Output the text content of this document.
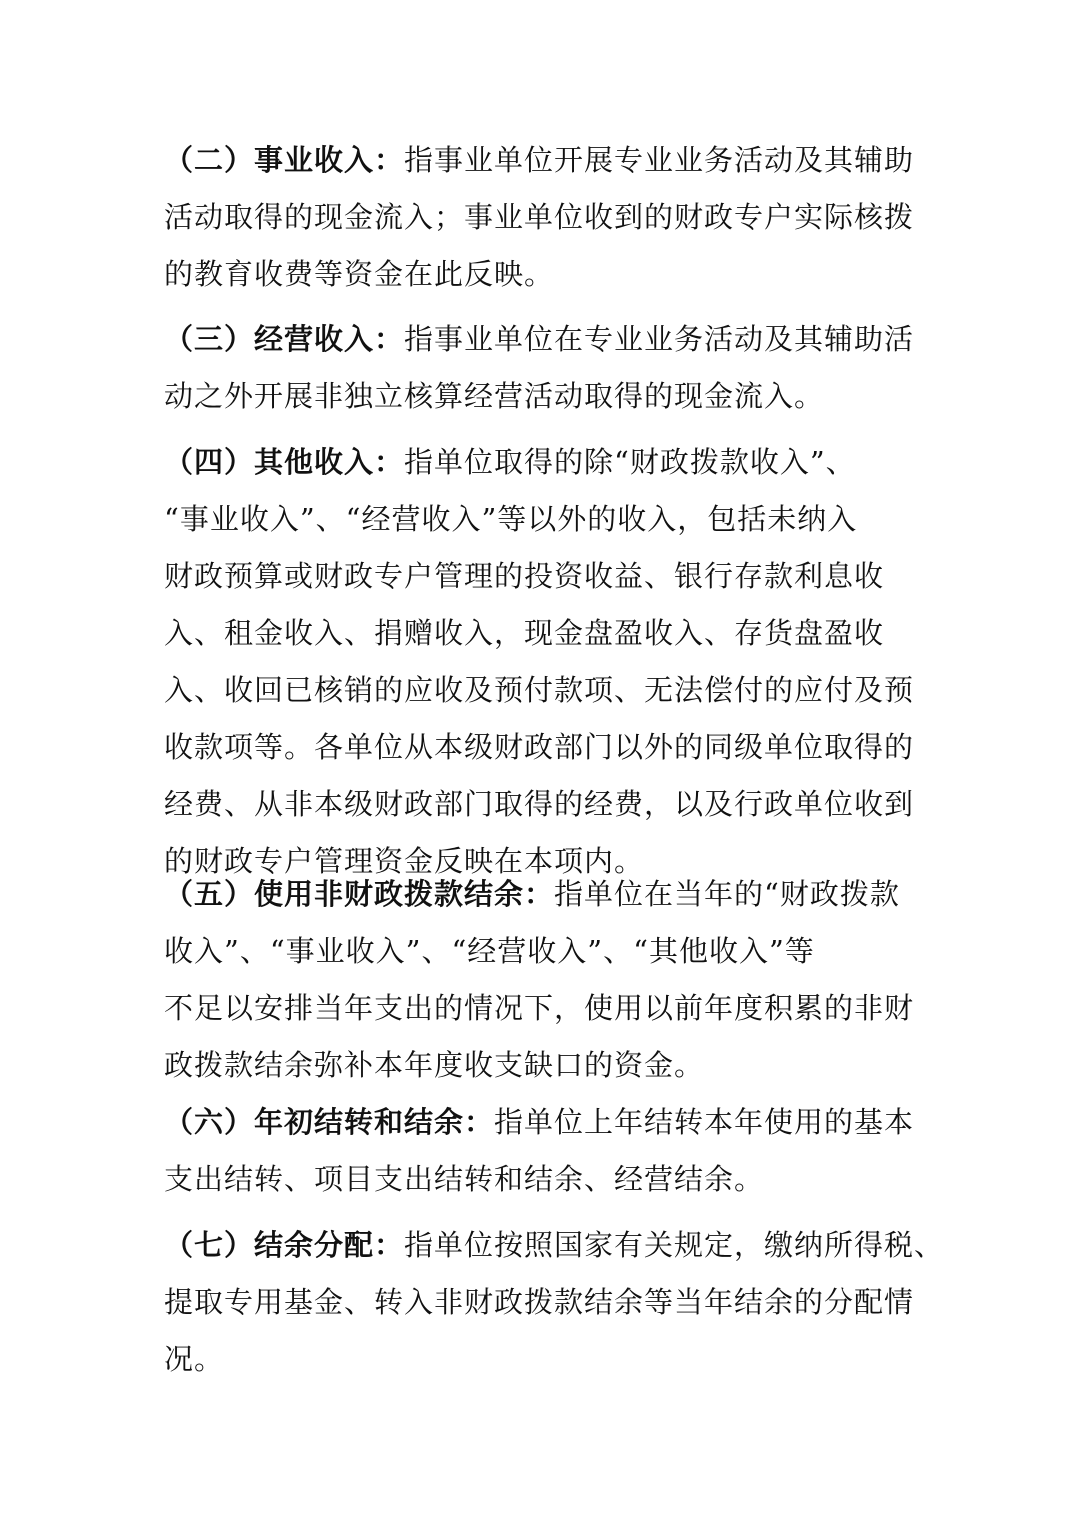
（二）事业收入：指事业单位开展专业业务活动及其辅助
活动取得的现金流入；事业单位收到的财政专户实际核拨
的教育收费等资金在此反映。
（三）经营收入：指事业单位在专业业务活动及其辅助活
动之外开展非独立核算经营活动取得的现金流入。
（四）其他收入：指单位取得的除“财政拨款收入”、
“事业收入”、“经营收入”等以外的收入，包括未纳入
财政预算或财政专户管理的投资收益、银行存款利息收
入、租金收入、捐赠收入，现金盘盈收入、存货盘盈收
入、收回已核销的应收及预付款项、无法偿付的应付及预
收款项等。各单位从本级财政部门以外的同级单位取得的
经费、从非本级财政部门取得的经费，以及行政单位收到
的财政专户管理资金反映在本项内。
（五）使用非财政拨款结余：指单位在当年的“财政拨款
收入”、“事业收入”、“经营收入”、“其他收入”等
不足以安排当年支出的情况下，使用以前年度积累的非财
政拨款结余弥补本年度收支缺口的资金。
（六）年初结转和结余：指单位上年结转本年使用的基本
支出结转、项目支出结转和结余、经营结余。
（七）结余分配：指单位按照国家有关规定，缴纳所得税、
提取专用基金、转入非财政拨款结余等当年结余的分配情
况。
